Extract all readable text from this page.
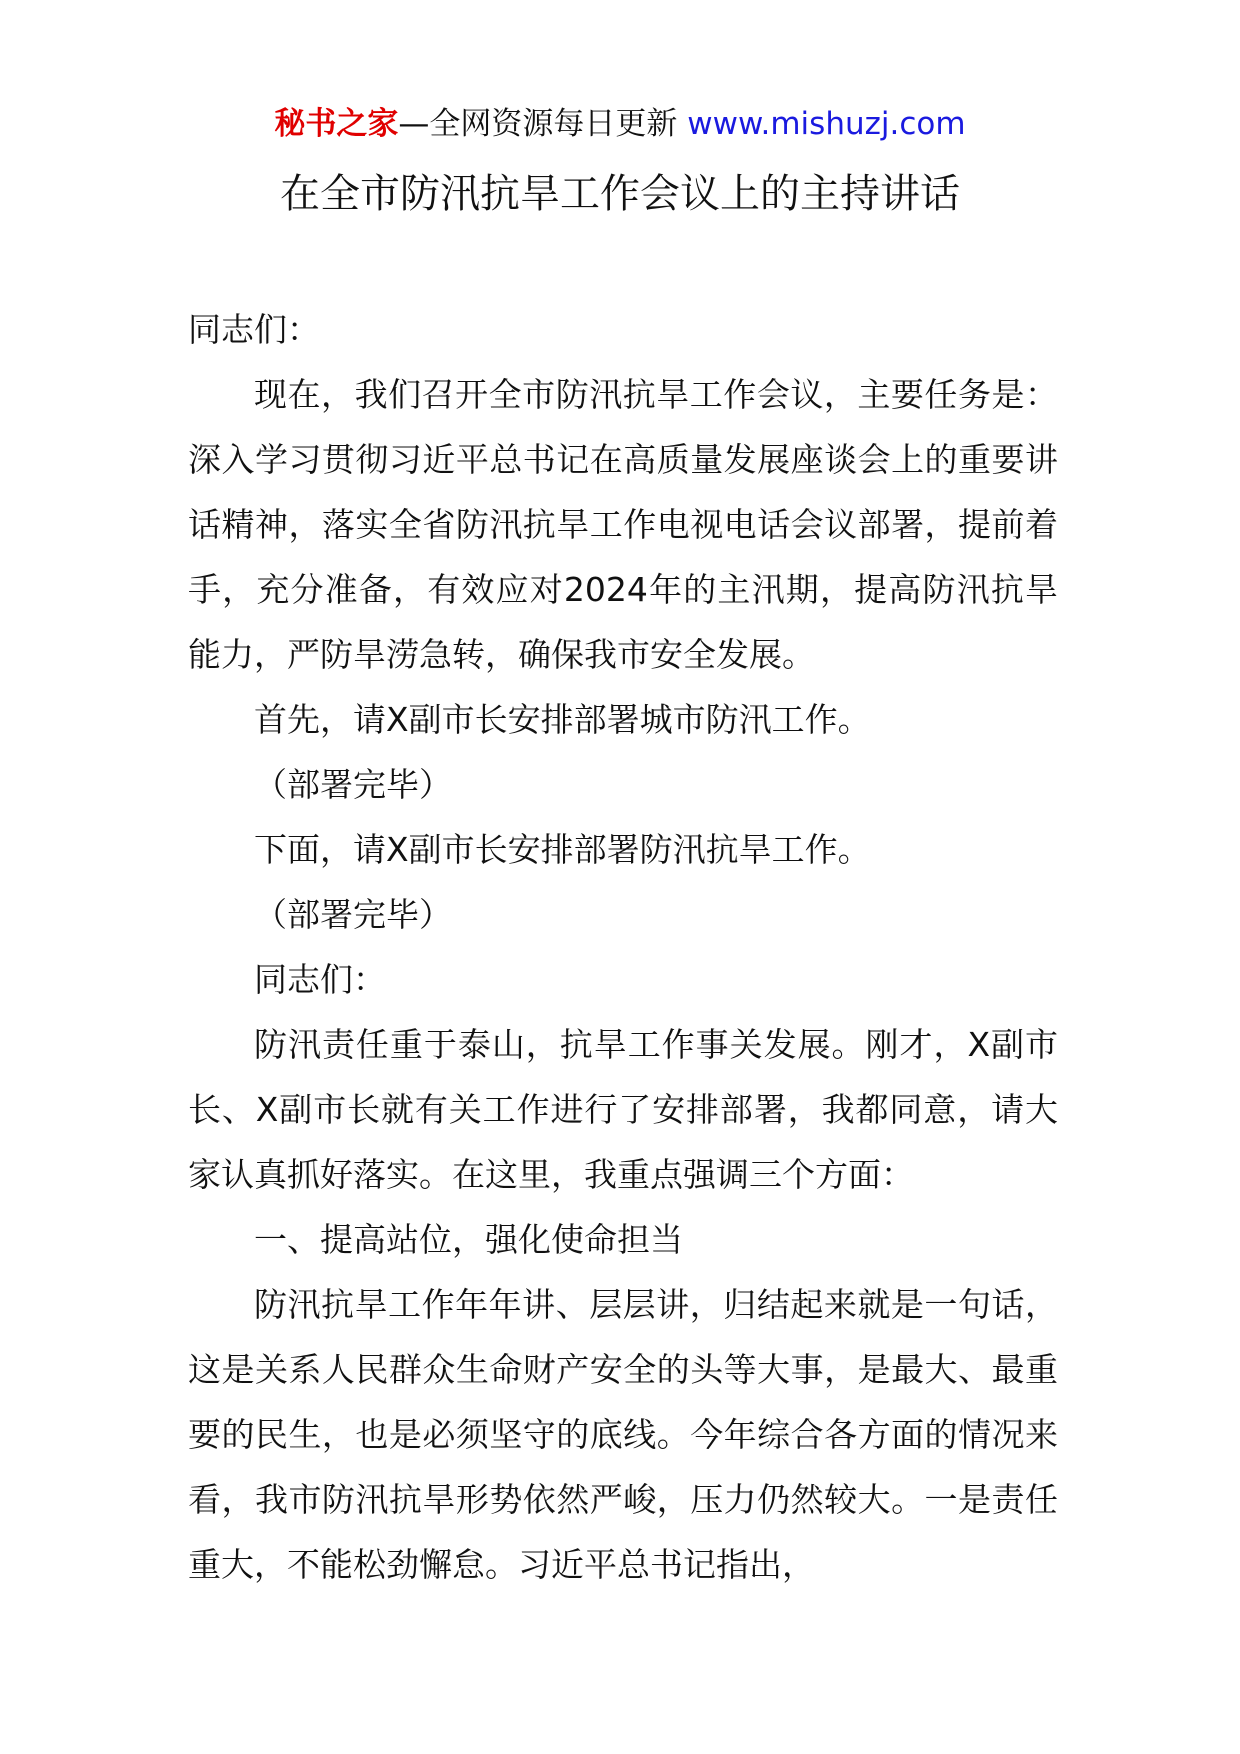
秘书之家—全网资源每日更新 www.mishuzj.com
在全市防汛抗旱工作会议上的主持讲话

同志们：

现在，我们召开全市防汛抗旱工作会议，主要任务是：深入学习贯彻习近平总书记在高质量发展座谈会上的重要讲话精神，落实全省防汛抗旱工作电视电话会议部署，提前着手，充分准备，有效应对2024年的主汛期，提高防汛抗旱能力，严防旱涝急转，确保我市安全发展。

首先，请X副市长安排部署城市防汛工作。

（部署完毕）

下面，请X副市长安排部署防汛抗旱工作。

（部署完毕）

同志们：

防汛责任重于泰山，抗旱工作事关发展。刚才，X副市长、X副市长就有关工作进行了安排部署，我都同意，请大家认真抓好落实。在这里，我重点强调三个方面：

一、提高站位，强化使命担当

防汛抗旱工作年年讲、层层讲，归结起来就是一句话，这是关系人民群众生命财产安全的头等大事，是最大、最重要的民生，也是必须坚守的底线。今年综合各方面的情况来看，我市防汛抗旱形势依然严峻，压力仍然较大。一是责任重大，不能松劲懈怠。习近平总书记指出，
